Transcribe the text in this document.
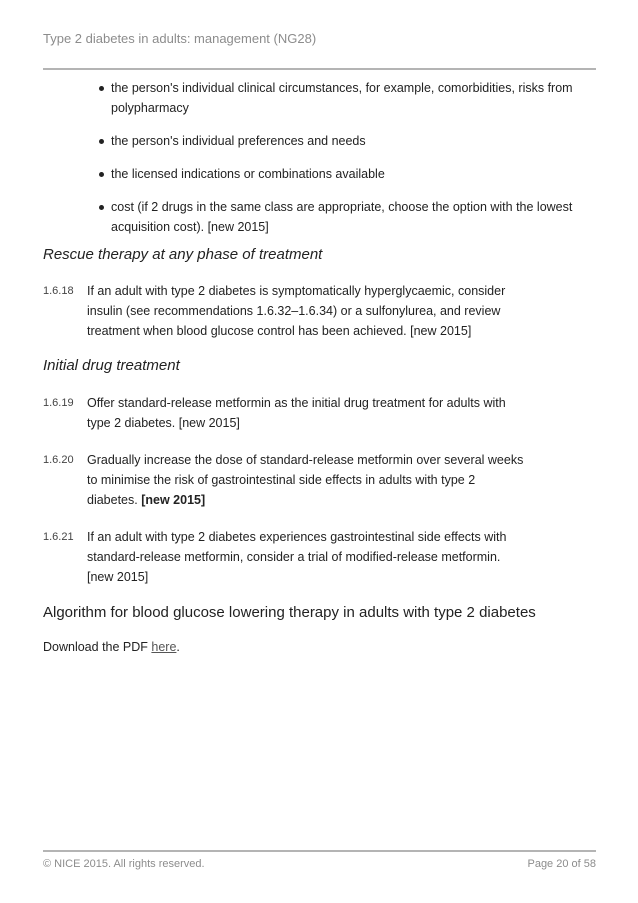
Type 2 diabetes in adults: management (NG28)
the person's individual clinical circumstances, for example, comorbidities, risks from polypharmacy
the person's individual preferences and needs
the licensed indications or combinations available
cost (if 2 drugs in the same class are appropriate, choose the option with the lowest acquisition cost). [new 2015]
Rescue therapy at any phase of treatment
1.6.18 If an adult with type 2 diabetes is symptomatically hyperglycaemic, consider
insulin (see recommendations 1.6.32–1.6.34) or a sulfonylurea, and review
treatment when blood glucose control has been achieved. [new 2015]
Initial drug treatment
1.6.19 Offer standard-release metformin as the initial drug treatment for adults with
type 2 diabetes. [new 2015]
1.6.20 Gradually increase the dose of standard-release metformin over several weeks
to minimise the risk of gastrointestinal side effects in adults with type 2
diabetes. [new 2015]
1.6.21 If an adult with type 2 diabetes experiences gastrointestinal side effects with
standard-release metformin, consider a trial of modified-release metformin.
[new 2015]
Algorithm for blood glucose lowering therapy in adults with type 2 diabetes
Download the PDF here.
© NICE 2015. All rights reserved.	Page 20 of 58
